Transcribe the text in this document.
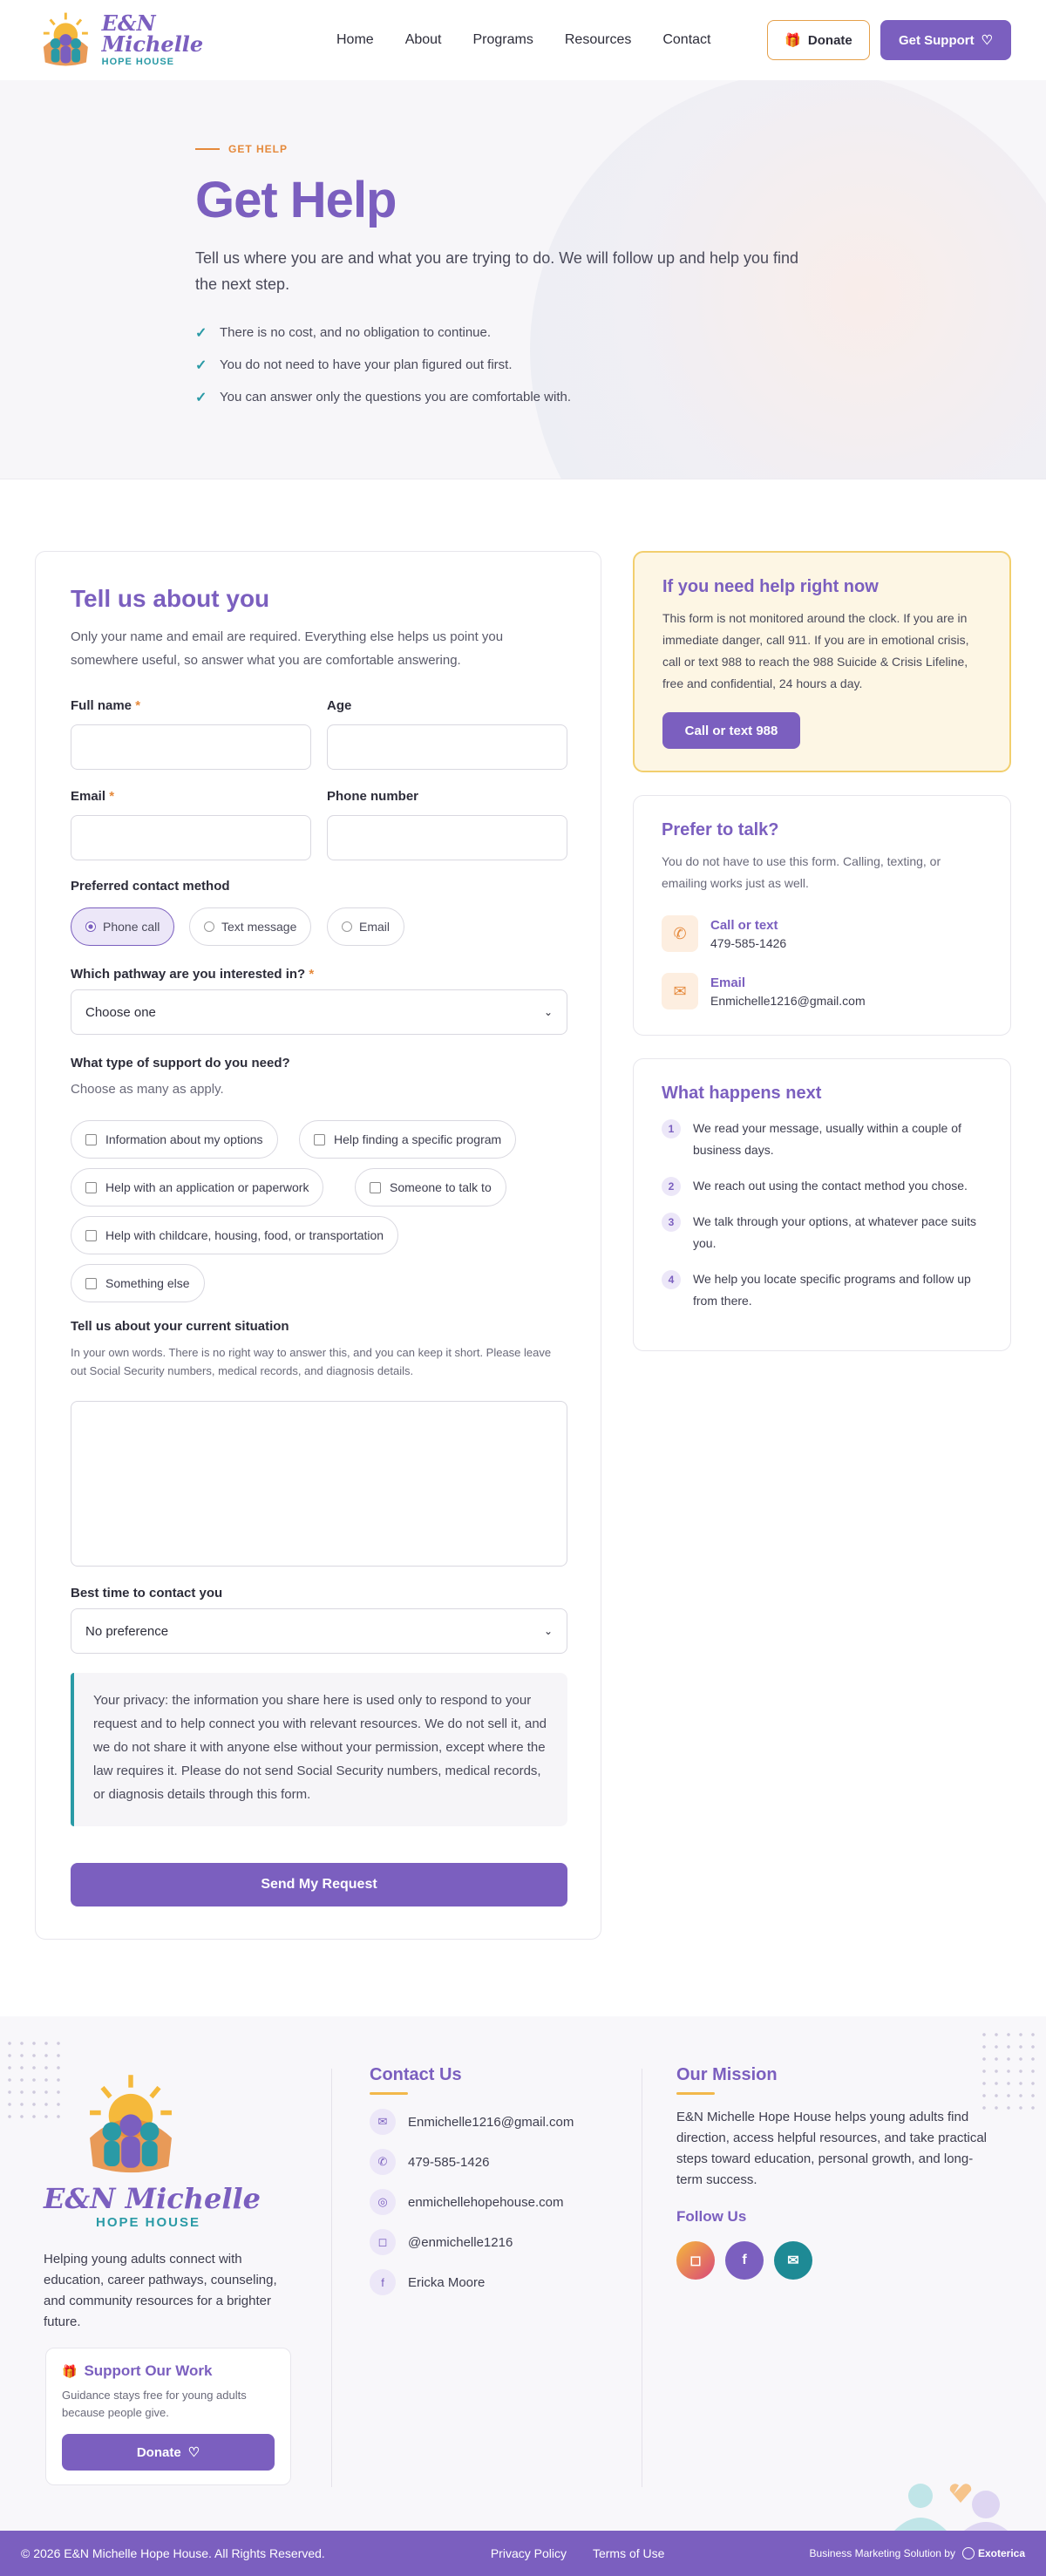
E&N Michelle
HOPE HOUSE
Home About Programs Resources Contact	🎁 Donate	Get Support ♡
GET HELP
Get Help

Tell us where you are and what you are trying to do. We will follow up and help you find the next step.

✓ There is no cost, and no obligation to continue.
✓ You do not need to have your plan figured out first.
✓ You can answer only the questions you are comfortable with.
Tell us about you
Only your name and email are required. Everything else helps us point you somewhere useful, so answer what you are comfortable answering.
Full name *	Age
Email *	Phone number
Preferred contact method
Phone call	Text message	Email
Which pathway are you interested in? *
Choose one	⌄
What type of support do you need?
Choose as many as apply.
Information about my options	Help finding a specific program
Help with an application or paperwork	Someone to talk to
Help with childcare, housing, food, or transportation
Something else
Tell us about your current situation
In your own words. There is no right way to answer this, and you can keep it short. Please leave out Social Security numbers, medical records, and diagnosis details.
Best time to contact you
No preference	⌄
Your privacy: the information you share here is used only to respond to your request and to help connect you with relevant resources. We do not sell it, and we do not share it with anyone else without your permission, except where the law requires it. Please do not send Social Security numbers, medical records, or diagnosis details through this form.
Send My Request
If you need help right now

This form is not monitored around the clock. If you are in immediate danger, call 911. If you are in emotional crisis, call or text 988 to reach the 988 Suicide & Crisis Lifeline, free and confidential, 24 hours a day.

Call or text 988
Prefer to talk?

You do not have to use this form. Calling, texting, or emailing works just as well.

✆	Call or text
479-585-1426
✉	Email
Enmichelle1216@gmail.com
What happens next
1	We read your message, usually within a couple of business days.
2	We reach out using the contact method you chose.
3	We talk through your options, at whatever pace suits you.
4	We help you locate specific programs and follow up from there.
E&N Michelle
HOPE HOUSE

Helping young adults connect with education, career pathways, counseling, and community resources for a brighter future.

🎁 Support Our Work

Guidance stays free for young adults because people give.

Donate ♡
Contact Us
✉	Enmichelle1216@gmail.com
✆	479-585-1426
◎	enmichellehopehouse.com
◻	@enmichelle1216
f	Ericka Moore
Our Mission

E&N Michelle Hope House helps young adults find direction, access helpful resources, and take practical steps toward education, personal growth, and long-term success.

Follow Us
◻	f	✉
© 2026 E&N Michelle Hope House. All Rights Reserved.	Privacy Policy Terms of Use	Business Marketing Solution by Exoterica
